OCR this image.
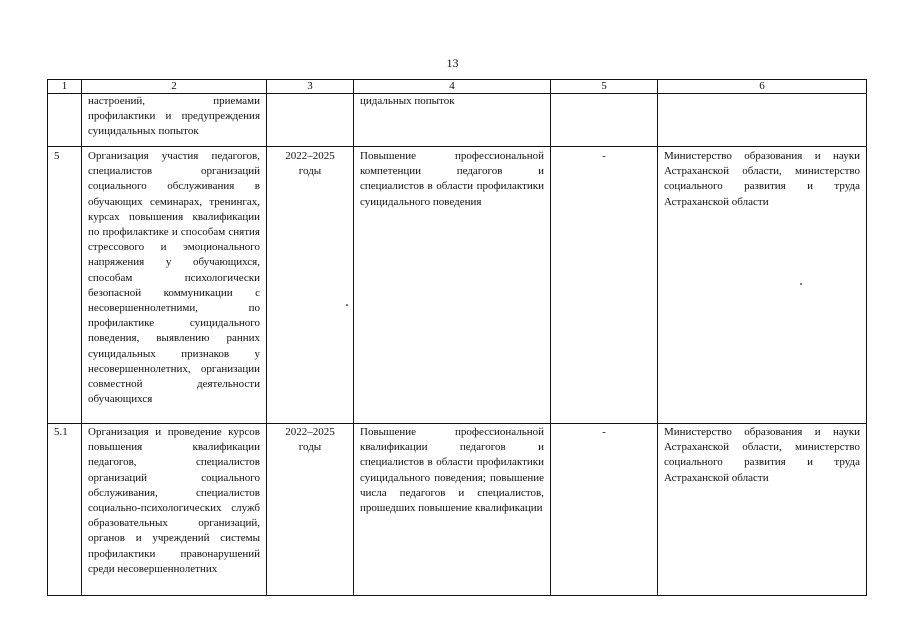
13
1	2	3	4	5	6
	настроений, приемами профилактики и предупреждения суицидальных попыток		цидальных попыток		
5	Организация участия педагогов, специалистов организаций социального обслуживания в обучающих семинарах, тренингах, курсах повышения квалификации по профилактике и способам снятия стрессового и эмоционального напряжения у обучающихся, способам психологически безопасной коммуникации с несовершеннолетними, по профилактике суицидального поведения, выявлению ранних суицидальных признаков у несовершеннолетних, организации совместной деятельности обучающихся	2022–2025 годы	Повышение профессиональной компетенции педагогов и специалистов в области профилактики суицидального поведения	-	Министерство образования и науки Астраханской области, министерство социального развития и труда Астраханской области
5.1	Организация и проведение курсов повышения квалификации педагогов, специалистов организаций социального обслуживания, специалистов социально-психологических служб образовательных организаций, органов и учреждений системы профилактики правонарушений среди несовершеннолетних	2022–2025 годы	Повышение профессиональной квалификации педагогов и специалистов в области профилактики суицидального поведения; повышение числа педагогов и специалистов, прошедших повышение квалификации	-	Министерство образования и науки Астраханской области, министерство социального развития и труда Астраханской области
